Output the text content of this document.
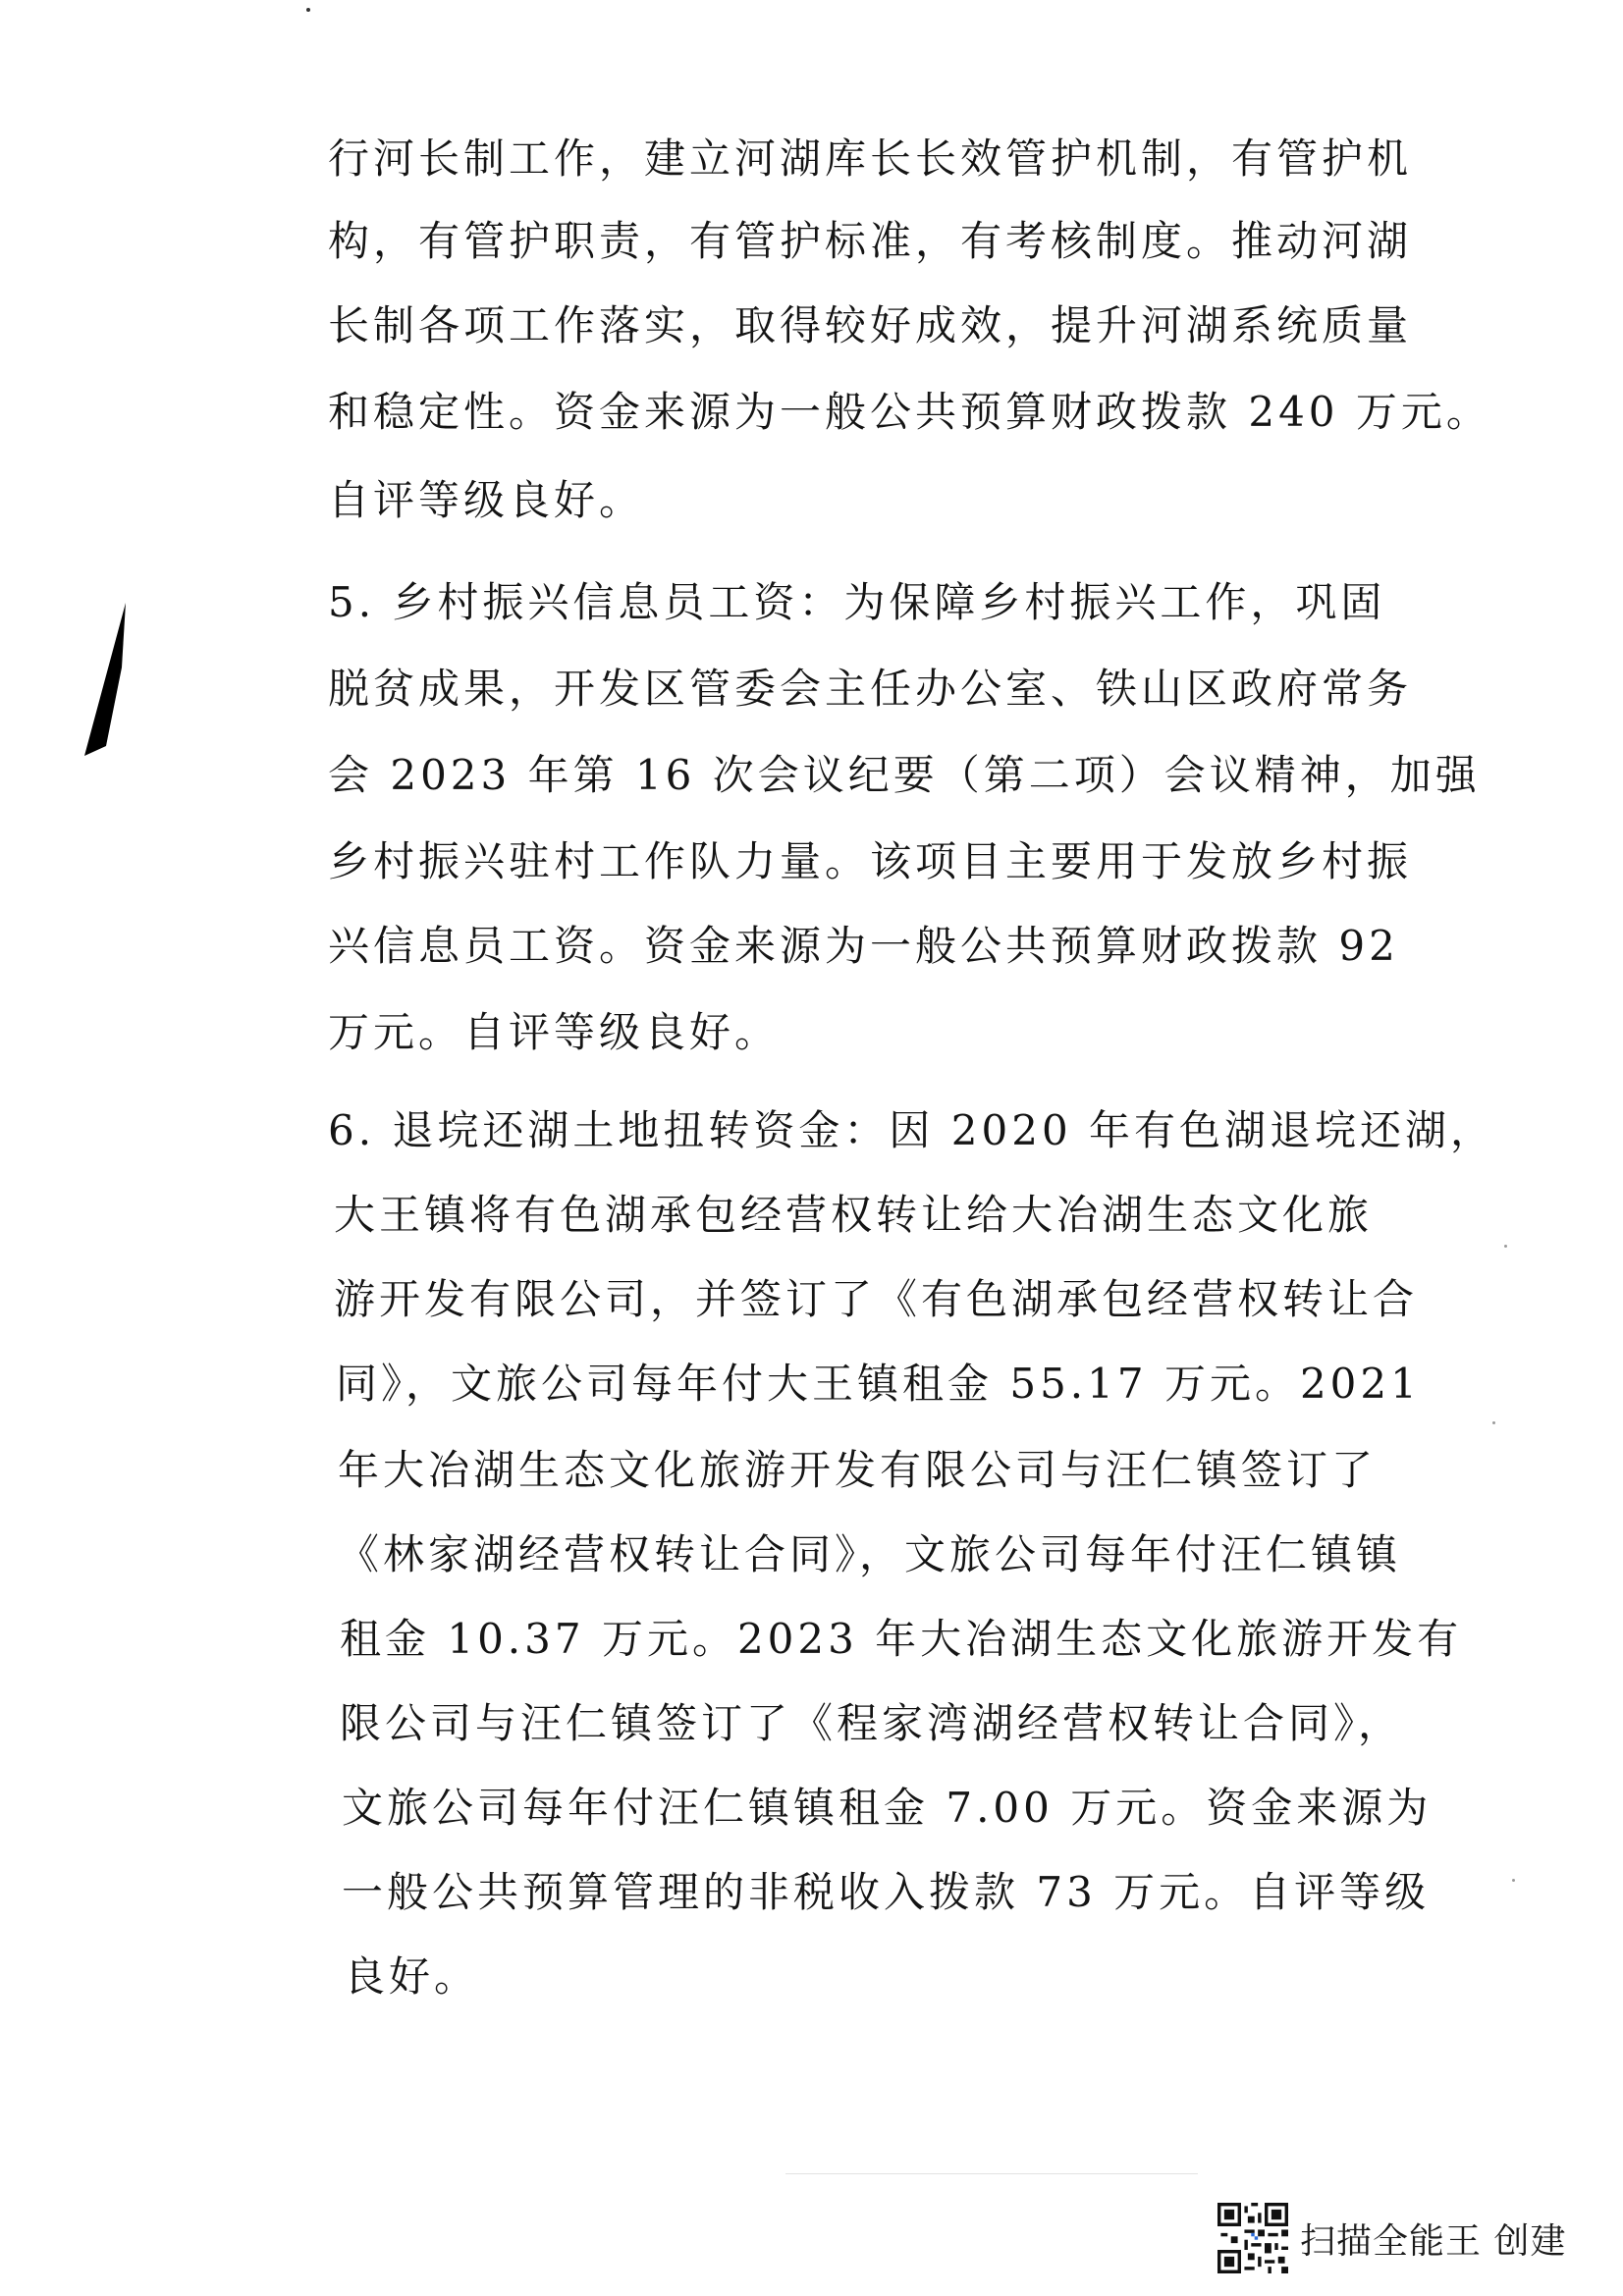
行河长制工作，建立河湖库长长效管护机制，有管护机
构，有管护职责，有管护标准，有考核制度。推动河湖
长制各项工作落实，取得较好成效，提升河湖系统质量
和稳定性。资金来源为一般公共预算财政拨款 240 万元。
自评等级良好。
5. 乡村振兴信息员工资：为保障乡村振兴工作，巩固
脱贫成果，开发区管委会主任办公室、铁山区政府常务
会 2023 年第 16 次会议纪要（第二项）会议精神，加强
乡村振兴驻村工作队力量。该项目主要用于发放乡村振
兴信息员工资。资金来源为一般公共预算财政拨款 92
万元。自评等级良好。
6. 退垸还湖土地扭转资金：因 2020 年有色湖退垸还湖，
大王镇将有色湖承包经营权转让给大冶湖生态文化旅
游开发有限公司，并签订了《有色湖承包经营权转让合
同》，文旅公司每年付大王镇租金 55.17 万元。2021
年大冶湖生态文化旅游开发有限公司与汪仁镇签订了
《林家湖经营权转让合同》，文旅公司每年付汪仁镇镇
租金 10.37 万元。2023 年大冶湖生态文化旅游开发有
限公司与汪仁镇签订了《程家湾湖经营权转让合同》，
文旅公司每年付汪仁镇镇租金 7.00 万元。资金来源为
一般公共预算管理的非税收入拨款 73 万元。自评等级
良好。
扫描全能王 创建
